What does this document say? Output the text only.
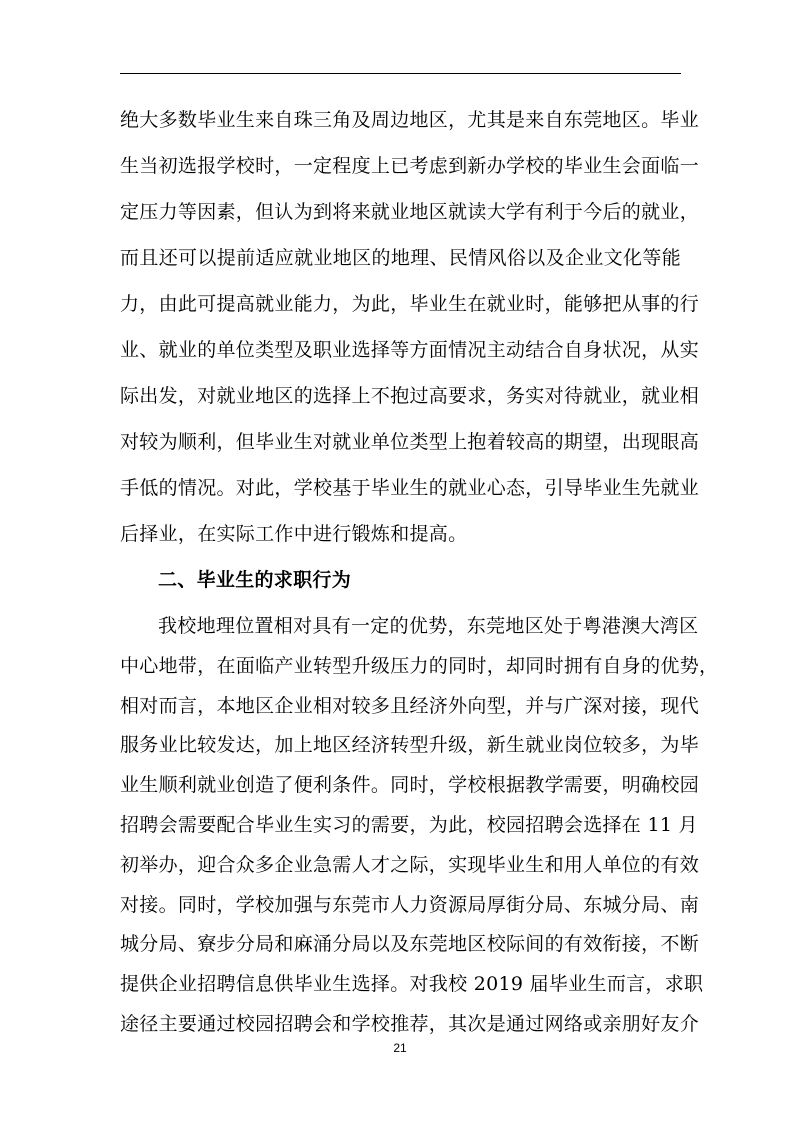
绝大多数毕业生来自珠三角及周边地区，尤其是来自东莞地区。毕业
生当初选报学校时，一定程度上已考虑到新办学校的毕业生会面临一
定压力等因素，但认为到将来就业地区就读大学有利于今后的就业，
而且还可以提前适应就业地区的地理、民情风俗以及企业文化等能
力，由此可提高就业能力，为此，毕业生在就业时，能够把从事的行
业、就业的单位类型及职业选择等方面情况主动结合自身状况，从实
际出发，对就业地区的选择上不抱过高要求，务实对待就业，就业相
对较为顺利，但毕业生对就业单位类型上抱着较高的期望，出现眼高
手低的情况。对此，学校基于毕业生的就业心态，引导毕业生先就业
后择业，在实际工作中进行锻炼和提高。
二、毕业生的求职行为
我校地理位置相对具有一定的优势，东莞地区处于粤港澳大湾区
中心地带，在面临产业转型升级压力的同时，却同时拥有自身的优势，
相对而言，本地区企业相对较多且经济外向型，并与广深对接，现代
服务业比较发达，加上地区经济转型升级，新生就业岗位较多，为毕
业生顺利就业创造了便利条件。同时，学校根据教学需要，明确校园
招聘会需要配合毕业生实习的需要，为此，校园招聘会选择在 11 月
初举办，迎合众多企业急需人才之际，实现毕业生和用人单位的有效
对接。同时，学校加强与东莞市人力资源局厚街分局、东城分局、南
城分局、寮步分局和麻涌分局以及东莞地区校际间的有效衔接，不断
提供企业招聘信息供毕业生选择。对我校 2019 届毕业生而言，求职
途径主要通过校园招聘会和学校推荐，其次是通过网络或亲朋好友介
21
